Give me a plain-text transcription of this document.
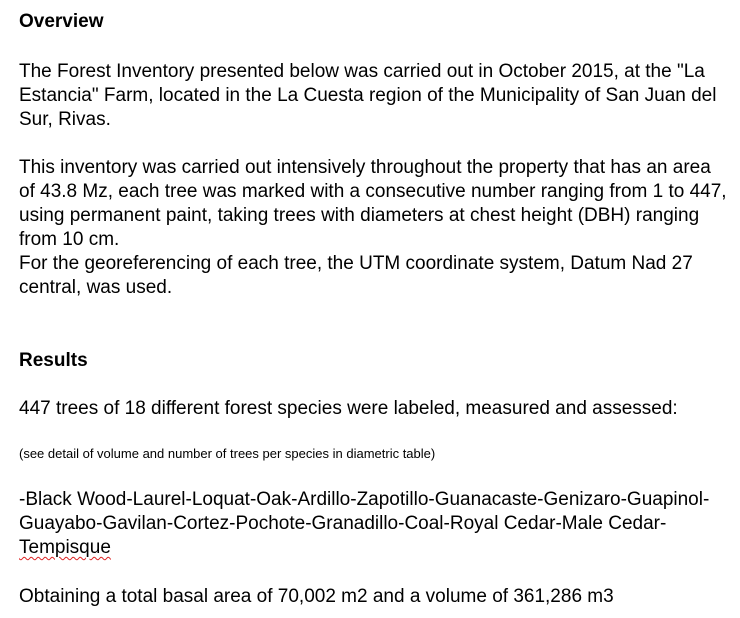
Overview

The Forest Inventory presented below was carried out in October 2015, at the "La Estancia" Farm, located in the La Cuesta region of the Municipality of San Juan del Sur, Rivas.

This inventory was carried out intensively throughout the property that has an area of 43.8 Mz, each tree was marked with a consecutive number ranging from 1 to 447, using permanent paint, taking trees with diameters at chest height (DBH) ranging from 10 cm.

For the georeferencing of each tree, the UTM coordinate system, Datum Nad 27 central, was used.

Results

447 trees of 18 different forest species were labeled, measured and assessed:

(see detail of volume and number of trees per species in diametric table)

-Black Wood-Laurel-Loquat-Oak-Ardillo-Zapotillo-Guanacaste-Genizaro-Guapinol-Guayabo-Gavilan-Cortez-Pochote-Granadillo-Coal-Royal Cedar-Male Cedar-Tempisque

Obtaining a total basal area of 70,002 m2 and a volume of 361,286 m3
